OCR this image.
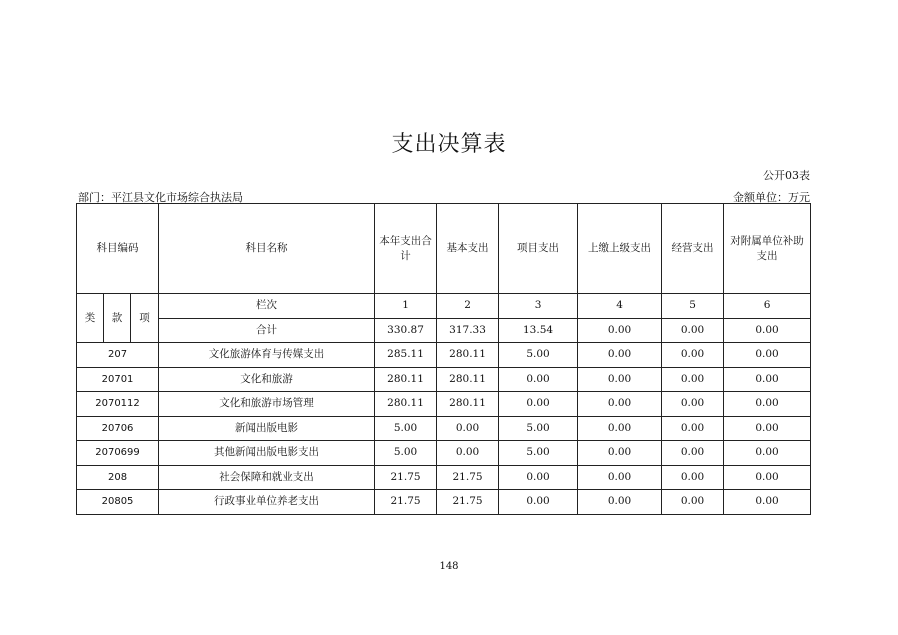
支出决算表
公开03表
部门：平江县文化市场综合执法局	金额单位：万元
科目编码			科目名称	本年支出合计	基本支出	项目支出	上缴上级支出	经营支出	对附属单位补助支出
类	款	项	栏次	1	2	3	4	5	6
			合计	330.87	317.33	13.54	0.00	0.00	0.00
207			文化旅游体育与传媒支出	285.11	280.11	5.00	0.00	0.00	0.00
20701			文化和旅游	280.11	280.11	0.00	0.00	0.00	0.00
2070112			文化和旅游市场管理	280.11	280.11	0.00	0.00	0.00	0.00
20706			新闻出版电影	5.00	0.00	5.00	0.00	0.00	0.00
2070699			其他新闻出版电影支出	5.00	0.00	5.00	0.00	0.00	0.00
208			社会保障和就业支出	21.75	21.75	0.00	0.00	0.00	0.00
20805			行政事业单位养老支出	21.75	21.75	0.00	0.00	0.00	0.00
148
